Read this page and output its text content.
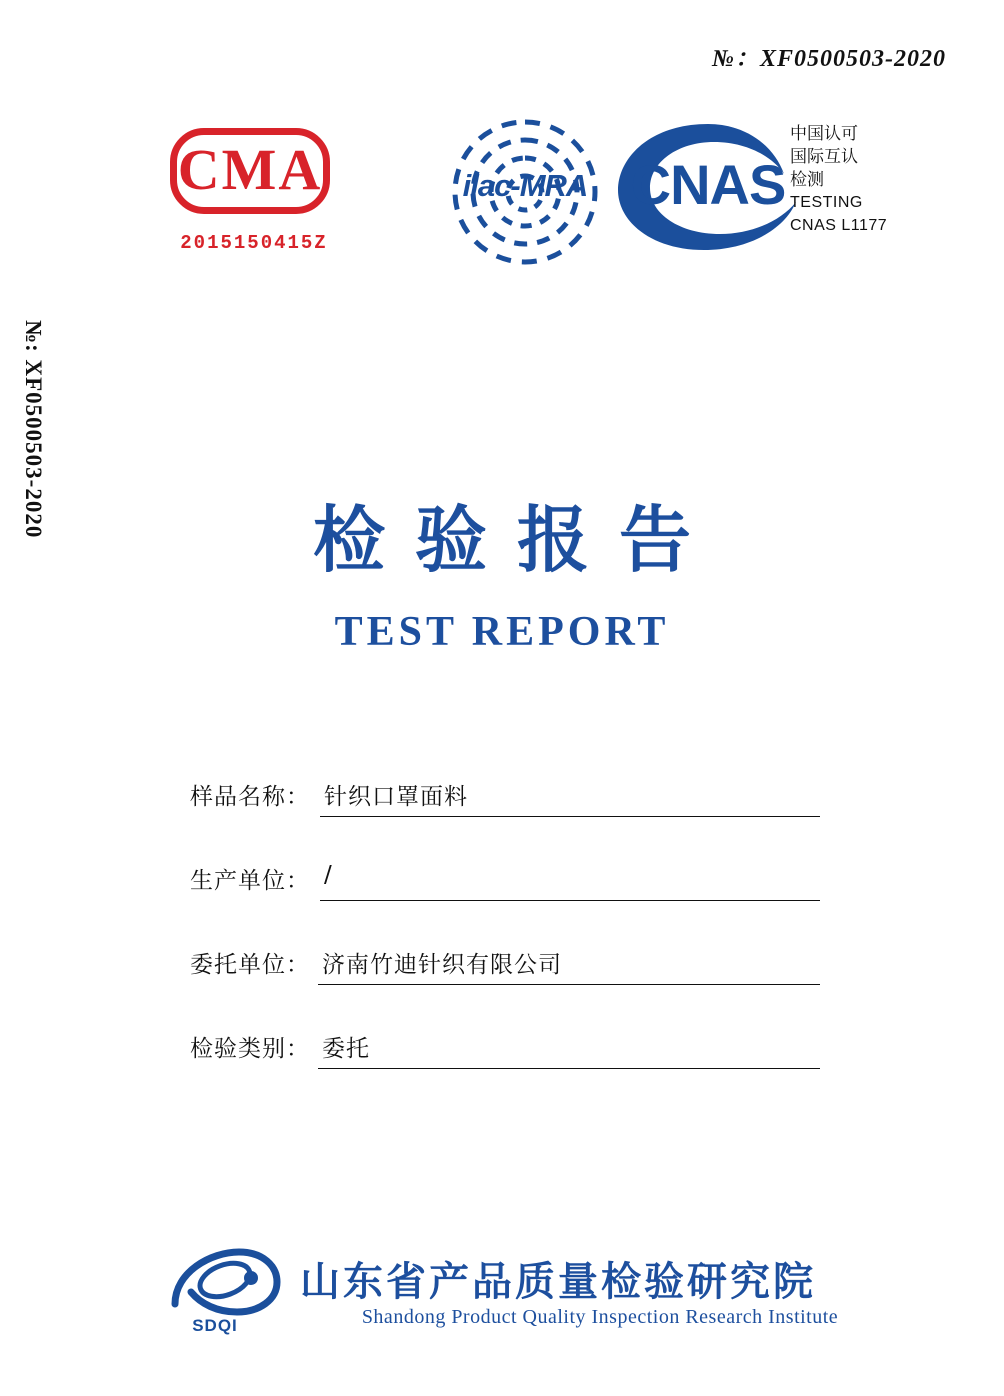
№：XF0500503-2020
№: XF0500503-2020
CMA
2015150415Z
ilac-MRA CNAS
中国认可
国际互认
检测
TESTING
CNAS L1177
检验报告
TEST REPORT
样品名称： 针织口罩面料
生产单位： /
委托单位： 济南竹迪针织有限公司
检验类别： 委托
SDQI
山东省产品质量检验研究院
Shandong Product Quality Inspection Research Institute
